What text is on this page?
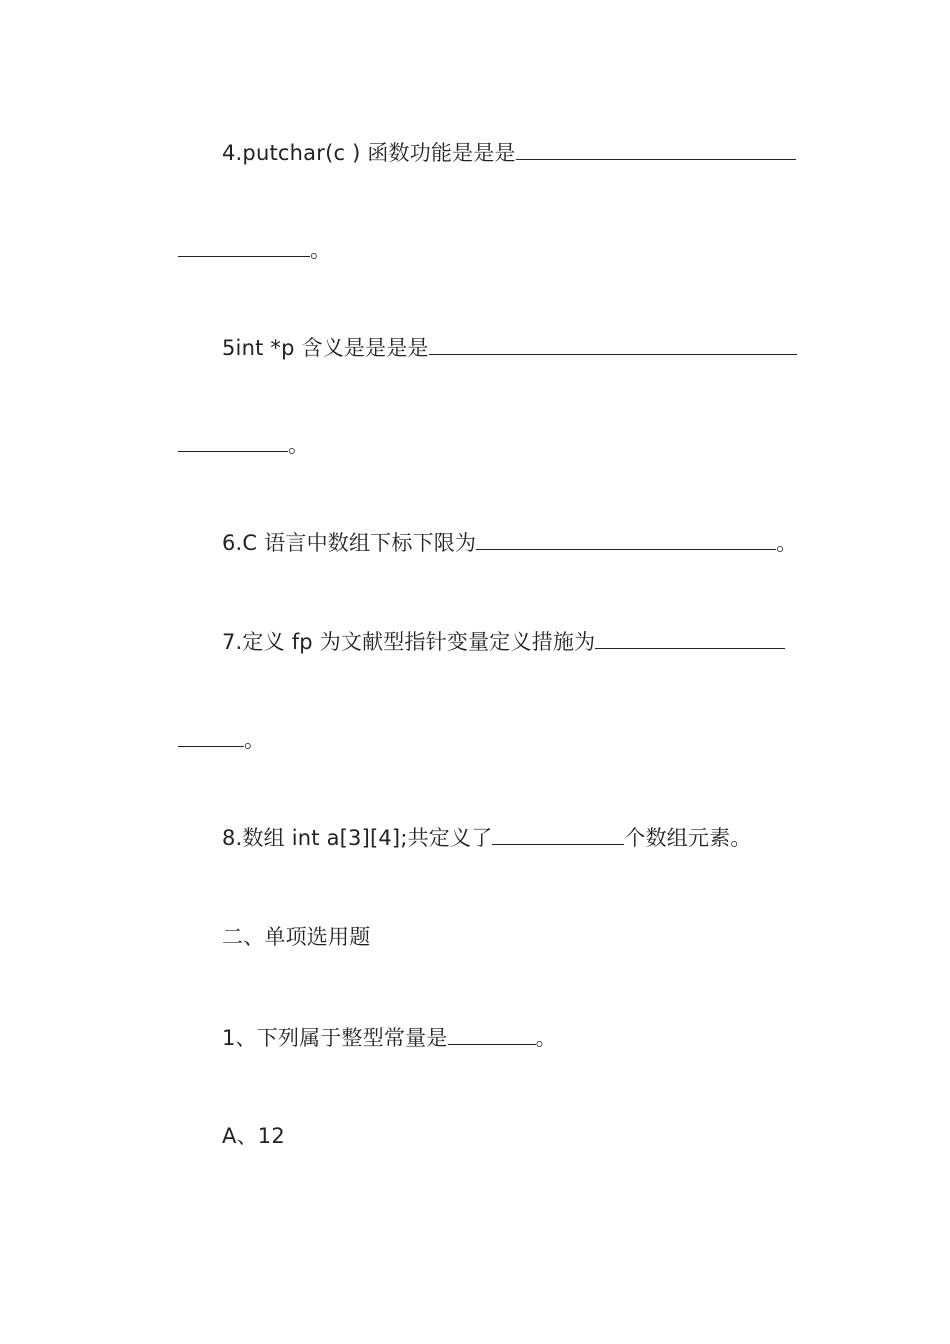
4.putchar(c ) 函数功能是是是
。
5int *p 含义是是是是
。
6.C 语言中数组下标下限为	。
7.定义 fp 为文献型指针变量定义措施为
。
8.数组 int a[3][4];共定义了	个数组元素。
二、单项选用题
1、下列属于整型常量是	。
A、12
